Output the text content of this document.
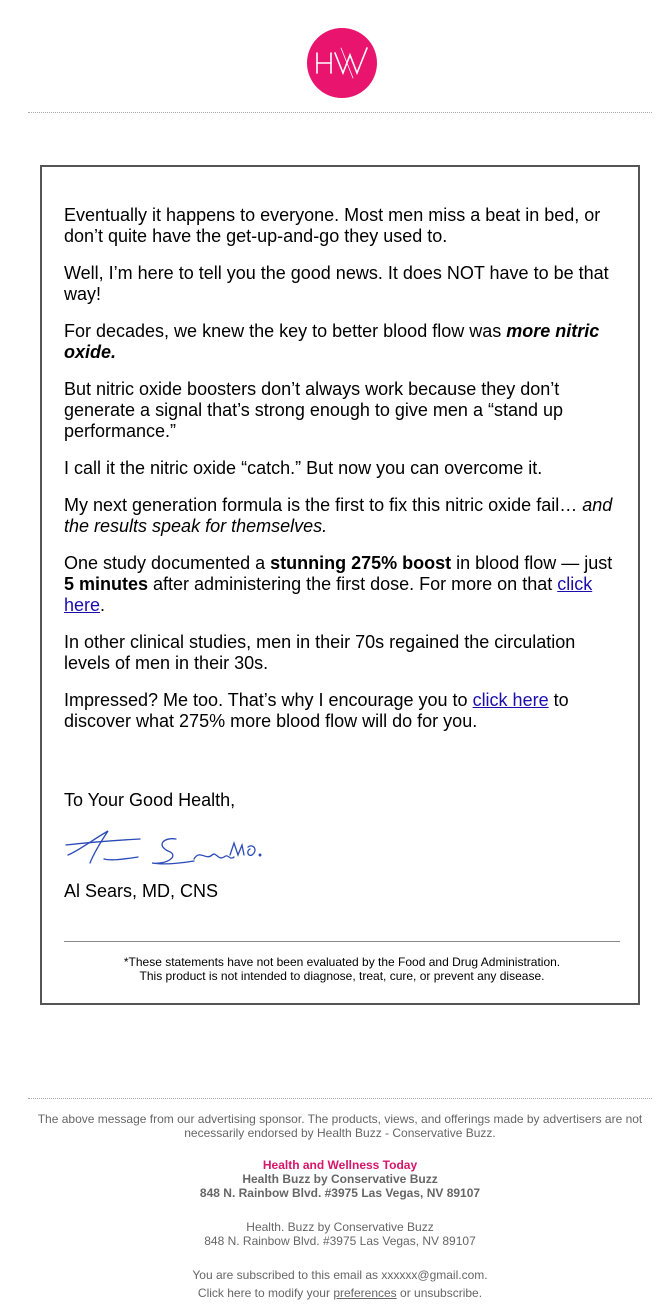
Eventually it happens to everyone. Most men miss a beat in bed, or don’t quite have the get-up-and-go they used to.

Well, I’m here to tell you the good news. It does NOT have to be that way!

For decades, we knew the key to better blood flow was more nitric oxide.

But nitric oxide boosters don’t always work because they don’t generate a signal that’s strong enough to give men a “stand up performance.”

I call it the nitric oxide “catch.” But now you can overcome it.

My next generation formula is the first to fix this nitric oxide fail… and the results speak for themselves.

One study documented a stunning 275% boost in blood flow — just 5 minutes after administering the first dose. For more on that click here.

In other clinical studies, men in their 70s regained the circulation levels of men in their 30s.

Impressed? Me too. That’s why I encourage you to click here to discover what 275% more blood flow will do for you.

To Your Good Health,
Al Sears, MD, CNS
*These statements have not been evaluated by the Food and Drug Administration.
This product is not intended to diagnose, treat, cure, or prevent any disease.
The above message from our advertising sponsor. The products, views, and offerings made by advertisers are not necessarily endorsed by Health Buzz - Conservative Buzz.
Health and Wellness Today
Health Buzz by Conservative Buzz
848 N. Rainbow Blvd. #3975 Las Vegas, NV 89107
Health. Buzz by Conservative Buzz
848 N. Rainbow Blvd. #3975 Las Vegas, NV 89107
You are subscribed to this email as xxxxxx@gmail.com.
Click here to modify your preferences or unsubscribe.
